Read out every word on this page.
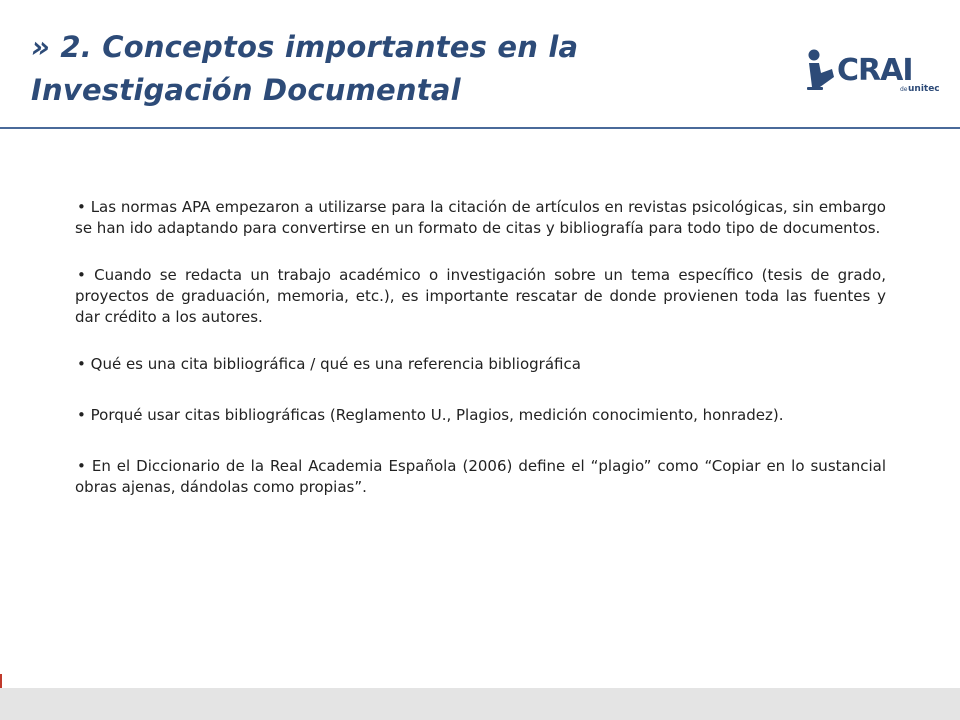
» 2. Conceptos importantes en la
Investigación Documental
CRAI
de unitec

• Las normas APA empezaron a utilizarse para la citación de artículos en revistas psicológicas, sin embargo se han ido adaptando para convertirse en un formato de citas y bibliografía para todo tipo de documentos.

• Cuando se redacta un trabajo académico o investigación sobre un tema específico (tesis de grado, proyectos de graduación, memoria, etc.), es importante rescatar de donde provienen toda las fuentes y dar crédito a los autores.

• Qué es una cita bibliográfica / qué es una referencia bibliográfica

• Porqué usar citas bibliográficas (Reglamento U., Plagios, medición conocimiento, honradez).

• En el Diccionario de la Real Academia Española (2006) define el “plagio” como “Copiar en lo sustancial obras ajenas, dándolas como propias”.
